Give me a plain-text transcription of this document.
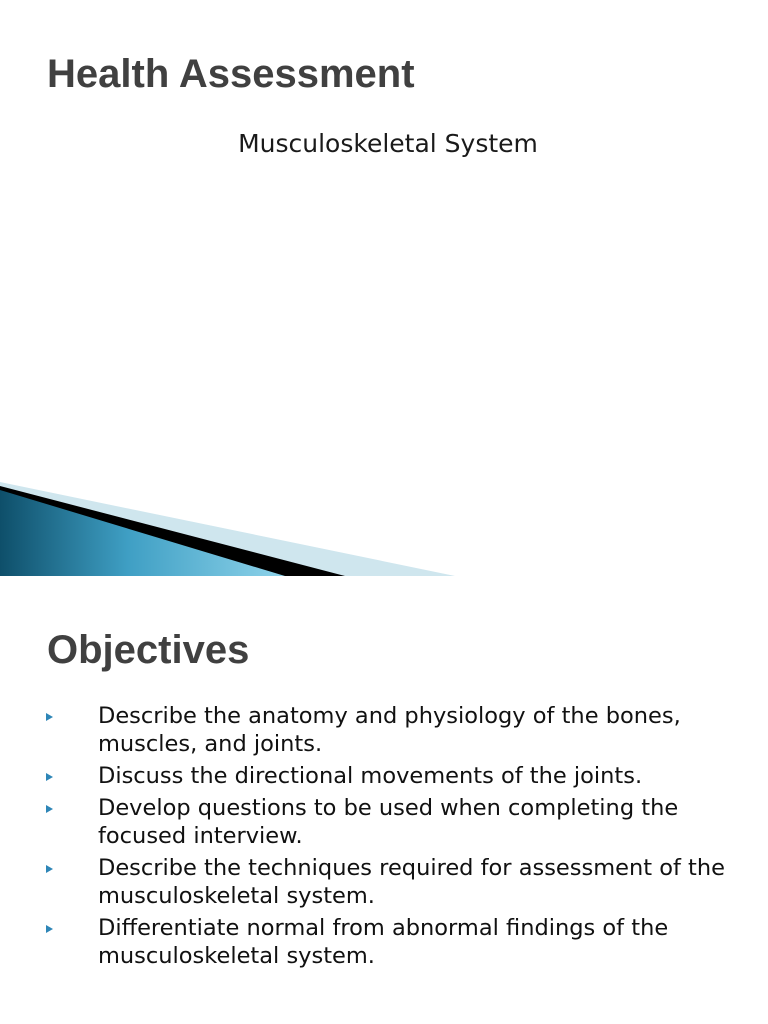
Health Assessment
Musculoskeletal System
Objectives
Describe the anatomy and physiology of the bones, muscles, and joints.
Discuss the directional movements of the joints.
Develop questions to be used when completing the focused interview.
Describe the techniques required for assessment of the musculoskeletal system.
Differentiate normal from abnormal findings of the musculoskeletal system.
